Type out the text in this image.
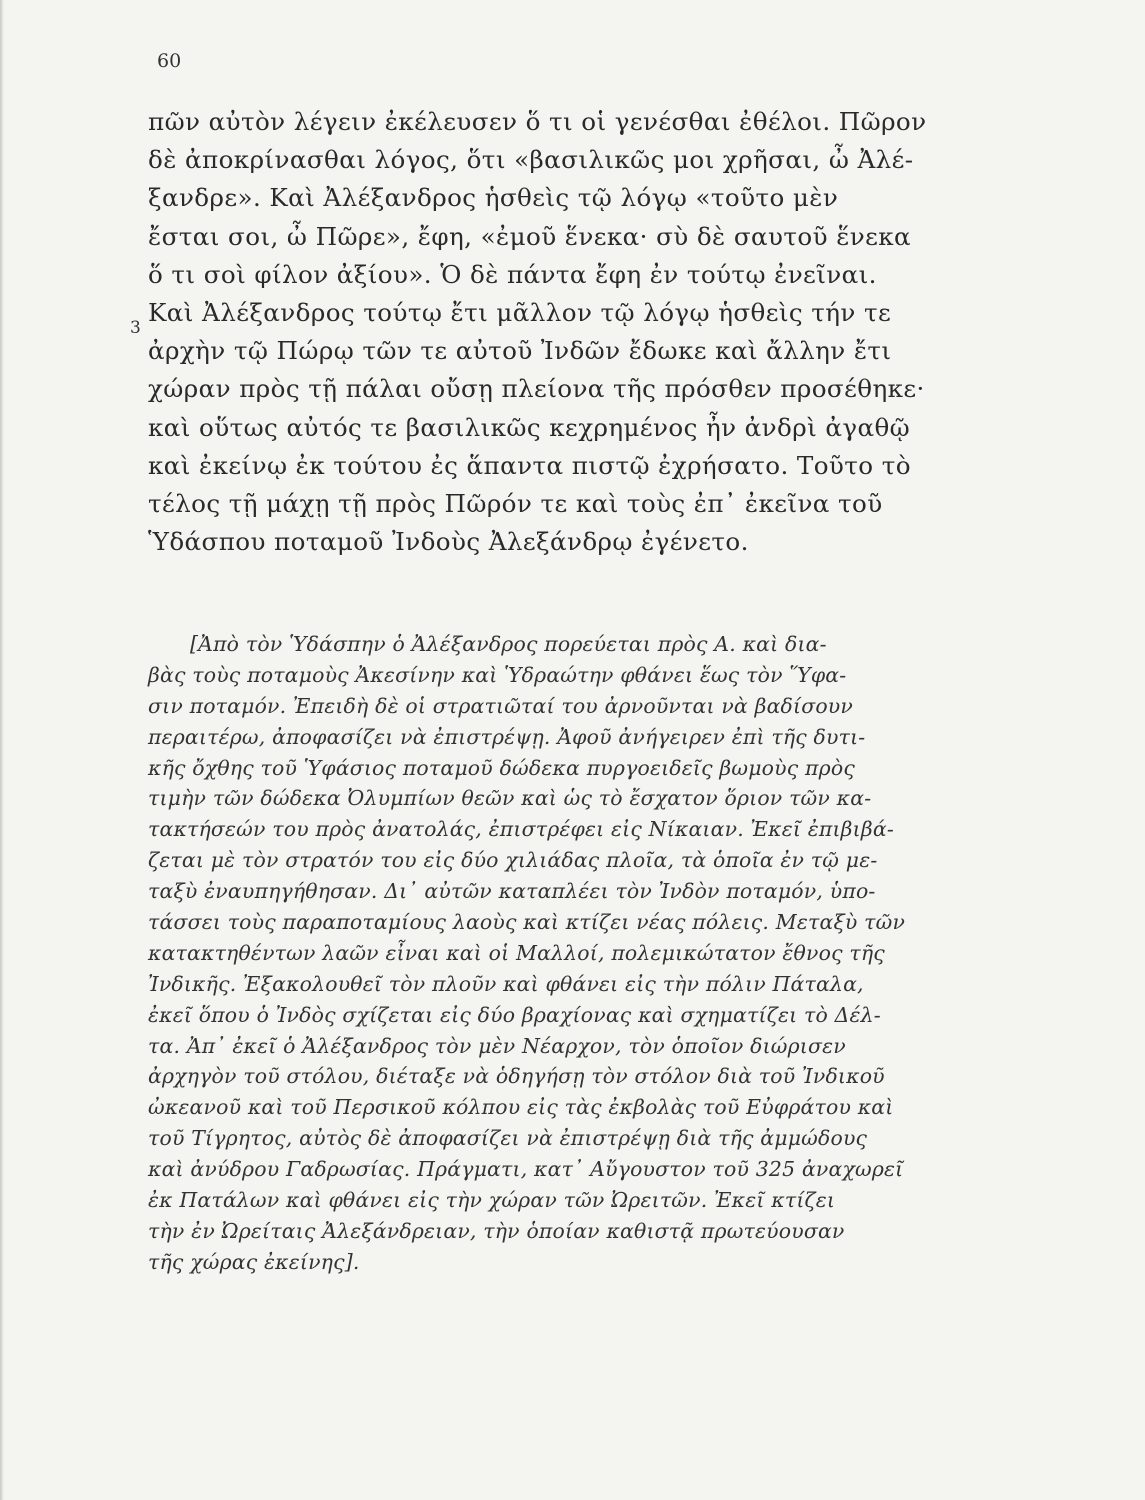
60
3
πῶν αὐτὸν λέγειν ἐκέλευσεν ὅ τι οἱ γενέσθαι ἐθέλοι. Πῶρον
δὲ ἀποκρίνασθαι λόγος, ὅτι «βασιλικῶς μοι χρῆσαι, ὦ Ἀλέ-
ξανδρε». Καὶ Ἀλέξανδρος ἡσθεὶς τῷ λόγῳ «τοῦτο μὲν
ἔσται σοι, ὦ Πῶρε», ἔφη, «ἐμοῦ ἕνεκα· σὺ δὲ σαυτοῦ ἕνεκα
ὅ τι σοὶ φίλον ἀξίου». Ὁ δὲ πάντα ἔφη ἐν τούτῳ ἐνεῖναι.
Καὶ Ἀλέξανδρος τούτῳ ἔτι μᾶλλον τῷ λόγῳ ἡσθεὶς τήν τε
ἀρχὴν τῷ Πώρῳ τῶν τε αὐτοῦ Ἰνδῶν ἔδωκε καὶ ἄλλην ἔτι
χώραν πρὸς τῇ πάλαι οὔσῃ πλείονα τῆς πρόσθεν προσέθηκε·
καὶ οὕτως αὐτός τε βασιλικῶς κεχρημένος ἦν ἀνδρὶ ἀγαθῷ
καὶ ἐκείνῳ ἐκ τούτου ἐς ἅπαντα πιστῷ ἐχρήσατο. Τοῦτο τὸ
τέλος τῇ μάχῃ τῇ πρὸς Πῶρόν τε καὶ τοὺς ἐπ᾿ ἐκεῖνα τοῦ
Ὑδάσπου ποταμοῦ Ἰνδοὺς Ἀλεξάνδρῳ ἐγένετο.
[Ἀπὸ τὸν Ὑδάσπην ὁ Ἀλέξανδρος πορεύεται πρὸς Α. καὶ δια-
βὰς τοὺς ποταμοὺς Ἀκεσίνην καὶ Ὑδραώτην φθάνει ἕως τὸν Ὕφα-
σιν ποταμόν. Ἐπειδὴ δὲ οἱ στρατιῶταί του ἀρνοῦνται νὰ βαδίσουν
περαιτέρω, ἀποφασίζει νὰ ἐπιστρέψῃ. Ἀφοῦ ἀνήγειρεν ἐπὶ τῆς δυτι-
κῆς ὄχθης τοῦ Ὑφάσιος ποταμοῦ δώδεκα πυργοειδεῖς βωμοὺς πρὸς
τιμὴν τῶν δώδεκα Ὀλυμπίων θεῶν καὶ ὡς τὸ ἔσχατον ὅριον τῶν κα-
τακτήσεών του πρὸς ἀνατολάς, ἐπιστρέφει εἰς Νίκαιαν. Ἐκεῖ ἐπιβιβά-
ζεται μὲ τὸν στρατόν του εἰς δύο χιλιάδας πλοῖα, τὰ ὁποῖα ἐν τῷ με-
ταξὺ ἐναυπηγήθησαν. Δι᾿ αὐτῶν καταπλέει τὸν Ἰνδὸν ποταμόν, ὑπο-
τάσσει τοὺς παραποταμίους λαοὺς καὶ κτίζει νέας πόλεις. Μεταξὺ τῶν
κατακτηθέντων λαῶν εἶναι καὶ οἱ Μαλλοί, πολεμικώτατον ἔθνος τῆς
Ἰνδικῆς. Ἐξακολουθεῖ τὸν πλοῦν καὶ φθάνει εἰς τὴν πόλιν Πάταλα,
ἐκεῖ ὅπου ὁ Ἰνδὸς σχίζεται εἰς δύο βραχίονας καὶ σχηματίζει τὸ Δέλ-
τα. Ἀπ᾿ ἐκεῖ ὁ Ἀλέξανδρος τὸν μὲν Νέαρχον, τὸν ὁποῖον διώρισεν
ἀρχηγὸν τοῦ στόλου, διέταξε νὰ ὁδηγήσῃ τὸν στόλον διὰ τοῦ Ἰνδικοῦ
ὠκεανοῦ καὶ τοῦ Περσικοῦ κόλπου εἰς τὰς ἐκβολὰς τοῦ Εὐφράτου καὶ
τοῦ Τίγρητος, αὐτὸς δὲ ἀποφασίζει νὰ ἐπιστρέψῃ διὰ τῆς ἀμμώδους
καὶ ἀνύδρου Γαδρωσίας. Πράγματι, κατ᾿ Αὔγουστον τοῦ 325 ἀναχωρεῖ
ἐκ Πατάλων καὶ φθάνει εἰς τὴν χώραν τῶν Ὠρειτῶν. Ἐκεῖ κτίζει
τὴν ἐν Ὠρείταις Ἀλεξάνδρειαν, τὴν ὁποίαν καθιστᾷ πρωτεύουσαν
τῆς χώρας ἐκείνης].
